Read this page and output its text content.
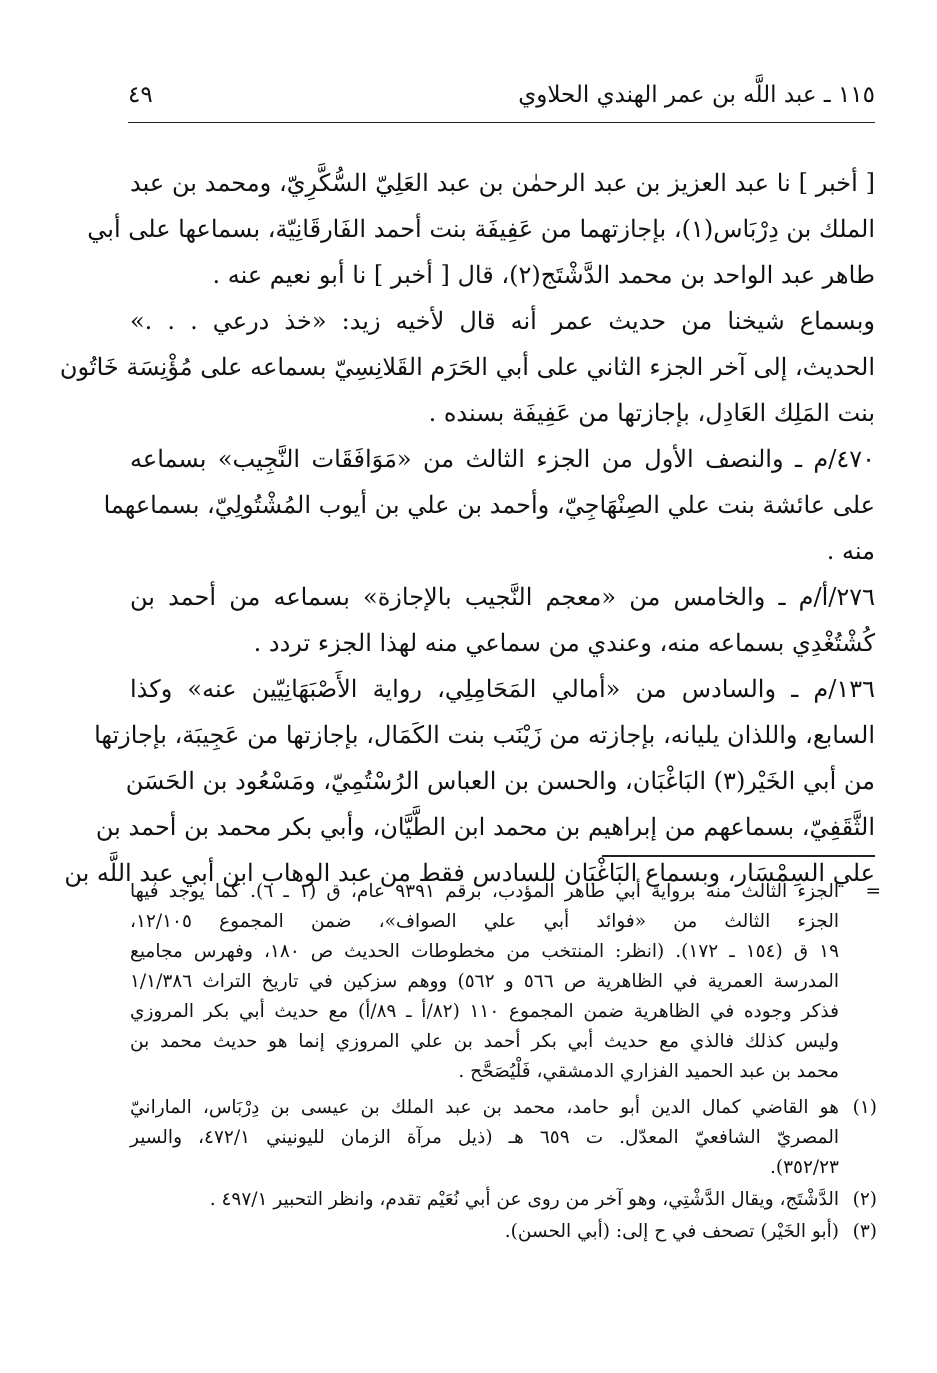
١١٥ ـ عبد اللَّه بن عمر الهندي الحلاوي
٤٩
[ أخبر ] نا عبد العزيز بن عبد الرحمٰن بن عبد العَلِيّ السُّكَّرِيّ، ومحمد بن عبد
الملك بن دِرْبَاس(١)، بإجازتهما من عَفِيفَة بنت أحمد الفَارقَانِيّة، بسماعها على أبي
طاهر عبد الواحد بن محمد الدَّشْتَج(٢)، قال [ أخبر ] نا أبو نعيم عنه .
وبسماع شيخنا من حديث عمر أنه قال لأخيه زيد: «خذ درعي . . .»
الحديث، إلى آخر الجزء الثاني على أبي الحَرَم القَلانِسِيّ بسماعه على مُؤْنِسَة خَاتُون
بنت المَلِك العَادِل، بإجازتها من عَفِيفَة بسنده .
٤٧٠/م ـ والنصف الأول من الجزء الثالث من «مَوَافَقَات النَّجِيب» بسماعه
على عائشة بنت علي الصِنْهَاجِيّ، وأحمد بن علي بن أيوب المُشْتُولِيّ، بسماعهما
منه .
٢٧٦/أ/م ـ والخامس من «معجم النَّجيب بالإجازة» بسماعه من أحمد بن
كُشْتُغْدِي بسماعه منه، وعندي من سماعي منه لهذا الجزء تردد .
١٣٦/م ـ والسادس من «أمالي المَحَامِلِي، رواية الأَصْبَهَانِيّين عنه» وكذا
السابع، واللذان يليانه، بإجازته من زَيْنَب بنت الكَمَال، بإجازتها من عَجِيبَة، بإجازتها
من أبي الخَيْر(٣) البَاغْبَان، والحسن بن العباس الرُسْتُمِيّ، ومَسْعُود بن الحَسَن
الثَّقَفِيّ، بسماعهم من إبراهيم بن محمد ابن الطَّيَّان، وأبي بكر محمد بن أحمد بن
علي السِمْسَار، وبسماع البَاغْبَان للسادس فقط من عبد الوهاب ابن أبي عبد اللَّه بن
=
الجزء الثالث منه برواية أبي طاهر المؤدب، برقم ٩٣٩١ عام، ق (١ ـ ٦). كما يوجد فيها
الجزء الثالث من «فوائد أبي علي الصواف»، ضمن المجموع ١٢/١٠٥،
١٩ ق (١٥٤ ـ ١٧٢). (انظر: المنتخب من مخطوطات الحديث ص ١٨٠، وفهرس مجاميع
المدرسة العمرية في الظاهرية ص ٥٦٦ و ٥٦٢) ووهم سزكين في تاريخ التراث ١/١/٣٨٦
فذكر وجوده في الظاهرية ضمن المجموع ١١٠ (٨٢/أ ـ ٨٩/أ) مع حديث أبي بكر المروزي
وليس كذلك فالذي مع حديث أبي بكر أحمد بن علي المروزي إنما هو حديث محمد بن
محمد بن عبد الحميد الفزاري الدمشقي، فَلْيُصَحَّح .
(١)
هو القاضي كمال الدين أبو حامد، محمد بن عبد الملك بن عيسى بن دِرْبَاس، المارانيّ
المصريّ الشافعيّ المعدّل. ت ٦٥٩ هـ (ذيل مرآة الزمان لليونيني ٤٧٢/١، والسير
٣٥٢/٢٣).
(٢)
الدَّشْتَج، ويقال الدَّشْتِي، وهو آخر من روى عن أبي نُعَيْم تقدم، وانظر التحبير ٤٩٧/١ .
(٣)
(أبو الخَيْر) تصحف في ح إلى: (أبي الحسن).
